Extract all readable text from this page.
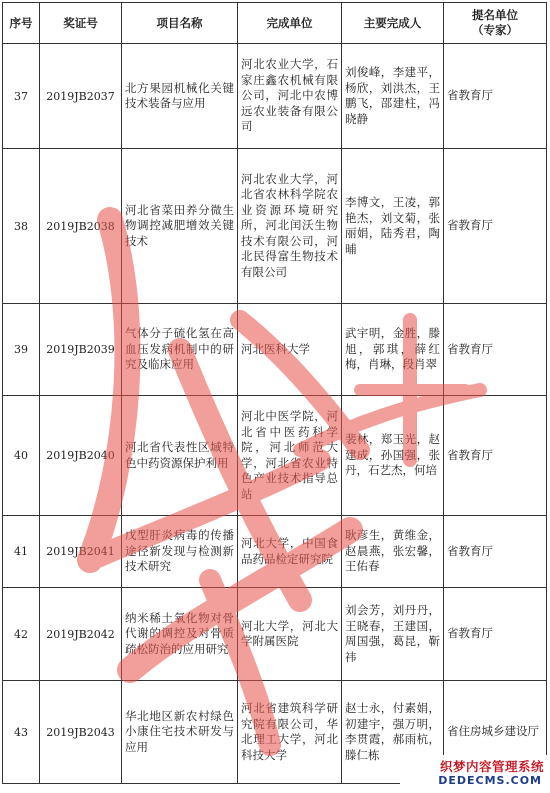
序号	奖证号	项目名称	完成单位	主要完成人	提名单位
（专家）

37	2019JB2037	北方果园机械化关键技术装备与应用	河北农业大学，石家庄鑫农机械有限公司，河北中农博远农业装备有限公司	刘俊峰，李建平，杨欣，刘洪杰，王鹏飞，邵建柱，冯晓静	省教育厅
38	2019JB2038	河北省菜田养分微生物调控减肥增效关键技术	河北农业大学，河北省农林科学院农业资源环境研究所，河北闰沃生物技术有限公司，河北民得富生物技术有限公司	李博文，王凌，郭艳杰，刘文菊，张丽娟，陆秀君，陶晡	省教育厅
39	2019JB2039	气体分子硫化氢在高血压发病机制中的研究及临床应用	河北医科大学	武宇明，金胜，滕旭，郭琪，薛红梅，肖琳，段肖翠	省教育厅
40	2019JB2040	河北省代表性区域特色中药资源保护利用	河北中医学院，河北省中医药科学院，河北师范大学，河北省农业特色产业技术指导总站	裴林，郑玉光，赵建成，孙国强，张丹，石艺杰，何培	省教育厅
41	2019JB2041	戊型肝炎病毒的传播途径新发现与检测新技术研究	河北大学，中国食品药品检定研究院	耿彦生，黄维金，赵晨燕，张宏馨，王佑春	省教育厅
42	2019JB2042	纳米稀土氧化物对骨代谢的调控及对骨质疏松防治的应用研究	河北大学，河北大学附属医院	刘会芳，刘丹丹，王晓春，王建国，周国强，葛昆，靳祎	省教育厅
43	2019JB2043	华北地区新农村绿色小康住宅技术研发与应用	河北省建筑科学研究院有限公司，华北理工大学，河北科技大学	赵士永，付素娟，初建宇，强万明，李贯霞，郝雨杭，滕仁栋	省住房城乡建设厅
织梦内容管理系统
DEDECMS.COM
